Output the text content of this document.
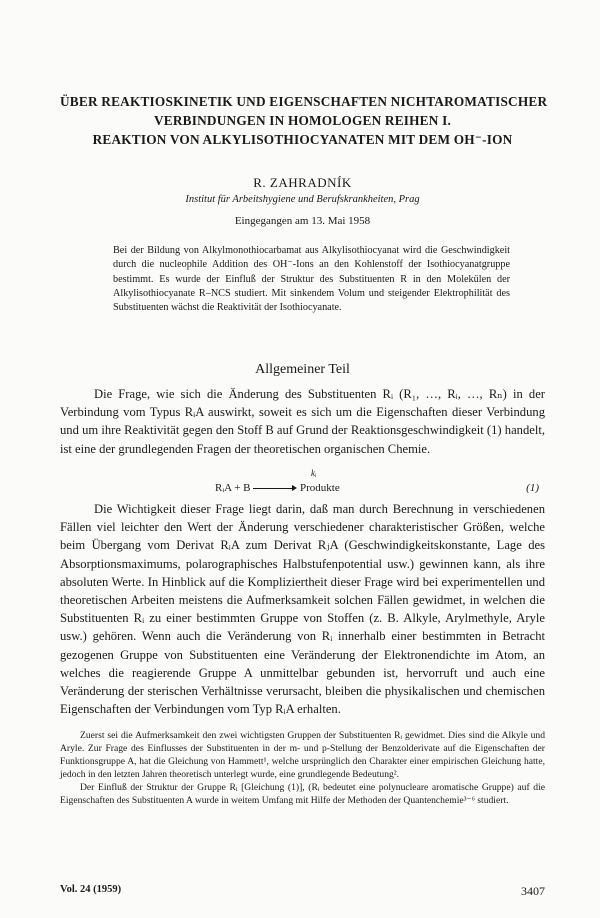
ÜBER REAKTIOSKINETIK UND EIGENSCHAFTEN NICHTAROMATISCHER
VERBINDUNGEN IN HOMOLOGEN REIHEN I.
REAKTION VON ALKYLISOTHIOCYANATEN MIT DEM OH⁻-ION
R. ZAHRADNÍK
Institut für Arbeitshygiene und Berufskrankheiten, Prag
Eingegangen am 13. Mai 1958
Bei der Bildung von Alkylmonothiocarbamat aus Alkylisothiocyanat wird die Geschwindigkeit durch die nucleophile Addition des OH⁻-Ions an den Kohlenstoff der Isothiocyanatgruppe bestimmt. Es wurde der Einfluß der Struktur des Substituenten R in den Molekülen der Alkylisothiocyanate R–NCS studiert. Mit sinkendem Volum und steigender Elektrophilität des Substituenten wächst die Reaktivität der Isothiocyanate.
Allgemeiner Teil

Die Frage, wie sich die Änderung des Substituenten Rᵢ (R₁, …, Rᵢ, …, Rₙ) in der Verbindung vom Typus RᵢA auswirkt, soweit es sich um die Eigenschaften dieser Verbindung und um ihre Reaktivität gegen den Stoff B auf Grund der Reaktionsgeschwindigkeit (1) handelt, ist eine der grundlegenden Fragen der theoretischen organischen Chemie.

kᵢ
RᵢA + B	Produkte	(1)

Die Wichtigkeit dieser Frage liegt darin, daß man durch Berechnung in verschiedenen Fällen viel leichter den Wert der Änderung verschiedener charakteristischer Größen, welche beim Übergang vom Derivat RᵢA zum Derivat RⱼA (Geschwindigkeitskonstante, Lage des Absorptionsmaximums, polarographisches Halbstufenpotential usw.) gewinnen kann, als ihre absoluten Werte. In Hinblick auf die Kompliziertheit dieser Frage wird bei experimentellen und theoretischen Arbeiten meistens die Aufmerksamkeit solchen Fällen gewidmet, in welchen die Substituenten Rᵢ zu einer bestimmten Gruppe von Stoffen (z. B. Alkyle, Arylmethyle, Aryle usw.) gehören. Wenn auch die Veränderung von Rᵢ innerhalb einer bestimmten in Betracht gezogenen Gruppe von Substituenten eine Veränderung der Elektronendichte im Atom, an welches die reagierende Gruppe A unmittelbar gebunden ist, hervorruft und auch eine Veränderung der sterischen Verhältnisse verursacht, bleiben die physikalischen und chemischen Eigenschaften der Verbindungen vom Typ RᵢA erhalten.

Zuerst sei die Aufmerksamkeit den zwei wichtigsten Gruppen der Substituenten Rᵢ gewidmet. Dies sind die Alkyle und Aryle. Zur Frage des Einflusses der Substituenten in der m- und p-Stellung der Benzolderivate auf die Eigenschaften der Funktionsgruppe A, hat die Gleichung von Hammett¹, welche ursprünglich den Charakter einer empirischen Gleichung hatte, jedoch in den letzten Jahren theoretisch unterlegt wurde, eine grundlegende Bedeutung².

Der Einfluß der Struktur der Gruppe Rᵢ [Gleichung (1)], (Rᵢ bedeutet eine polynucleare aromatische Gruppe) auf die Eigenschaften des Substituenten A wurde in weitem Umfang mit Hilfe der Methoden der Quantenchemie³⁻⁶ studiert.

Vol. 24 (1959)	3407
